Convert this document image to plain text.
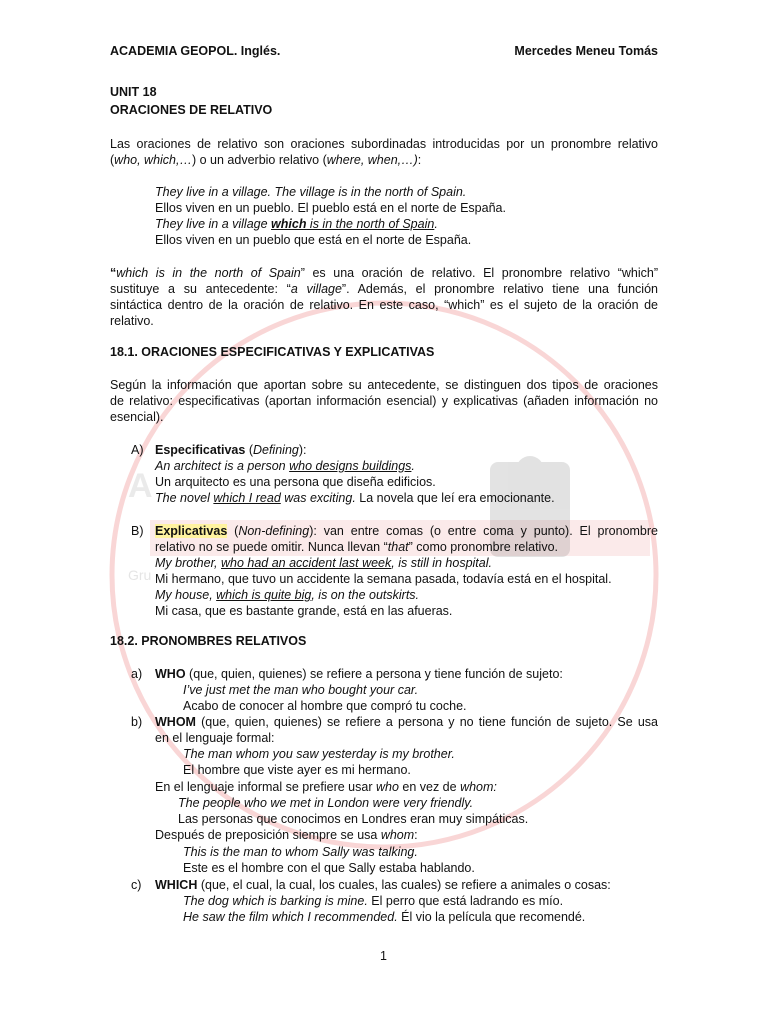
A
Gru
ACADEMIA GEOPOL. Inglés.	Mercedes Meneu Tomás
UNIT 18
ORACIONES DE RELATIVO
Las oraciones de relativo son oraciones subordinadas introducidas por un pronombre relativo
(who, which,…) o un adverbio relativo (where, when,…):
They live in a village. The village is in the north of Spain.
Ellos viven en un pueblo. El pueblo está en el norte de España.
They live in a village which is in the north of Spain.
Ellos viven en un pueblo que está en el norte de España.
“which is in the north of Spain” es una oración de relativo. El pronombre relativo “which”
sustituye a su antecedente: “a village”. Además, el pronombre relativo tiene una función
sintáctica dentro de la oración de relativo. En este caso, “which” es el sujeto de la oración de
relativo.
18.1. ORACIONES ESPECIFICATIVAS Y EXPLICATIVAS
Según la información que aportan sobre su antecedente, se distinguen dos tipos de oraciones
de relativo: especificativas (aportan información esencial) y explicativas (añaden información no
esencial).
A) Especificativas (Defining):
An architect is a person who designs buildings.
Un arquitecto es una persona que diseña edificios.
The novel which I read was exciting. La novela que leí era emocionante.
B) Explicativas (Non-defining): van entre comas (o entre coma y punto). El pronombre
relativo no se puede omitir. Nunca llevan “that” como pronombre relativo.
My brother, who had an accident last week, is still in hospital.
Mi hermano, que tuvo un accidente la semana pasada, todavía está en el hospital.
My house, which is quite big, is on the outskirts.
Mi casa, que es bastante grande, está en las afueras.
18.2. PRONOMBRES RELATIVOS
a) WHO (que, quien, quienes) se refiere a persona y tiene función de sujeto:
I’ve just met the man who bought your car.
Acabo de conocer al hombre que compró tu coche.
b) WHOM (que, quien, quienes) se refiere a persona y no tiene función de sujeto. Se usa
en el lenguaje formal:
The man whom you saw yesterday is my brother.
El hombre que viste ayer es mi hermano.
En el lenguaje informal se prefiere usar who en vez de whom:
The people who we met in London were very friendly.
Las personas que conocimos en Londres eran muy simpáticas.
Después de preposición siempre se usa whom:
This is the man to whom Sally was talking.
Este es el hombre con el que Sally estaba hablando.
c) WHICH (que, el cual, la cual, los cuales, las cuales) se refiere a animales o cosas:
The dog which is barking is mine. El perro que está ladrando es mío.
He saw the film which I recommended. Él vio la película que recomendé.
1
